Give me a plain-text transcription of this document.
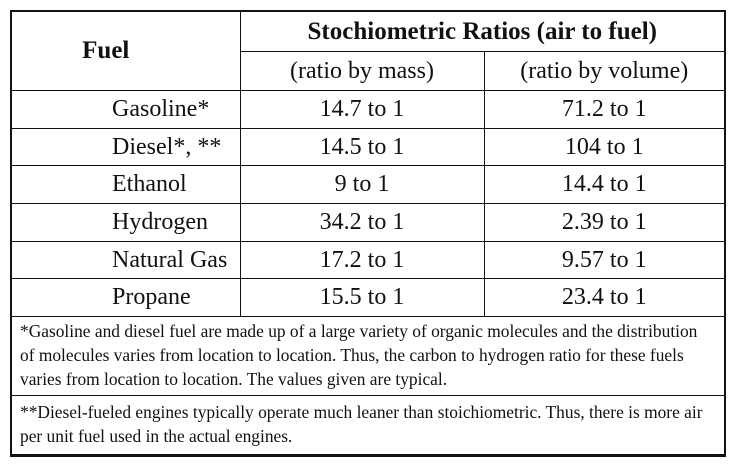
Fuel	Stochiometric Ratios (air to fuel)	
	(ratio by mass)	(ratio by volume)
Gasoline*	14.7 to 1	71.2 to 1
Diesel*, **	14.5 to 1	104 to 1
Ethanol	9 to 1	14.4 to 1
Hydrogen	34.2 to 1	2.39 to 1
Natural Gas	17.2 to 1	9.57 to 1
Propane	15.5 to 1	23.4 to 1
*Gasoline and diesel fuel are made up of a large variety of organic molecules and the distribution of molecules varies from location to location. Thus, the carbon to hydrogen ratio for these fuels varies from location to location. The values given are typical.		
**Diesel-fueled engines typically operate much leaner than stoichiometric. Thus, there is more air per unit fuel used in the actual engines.		
